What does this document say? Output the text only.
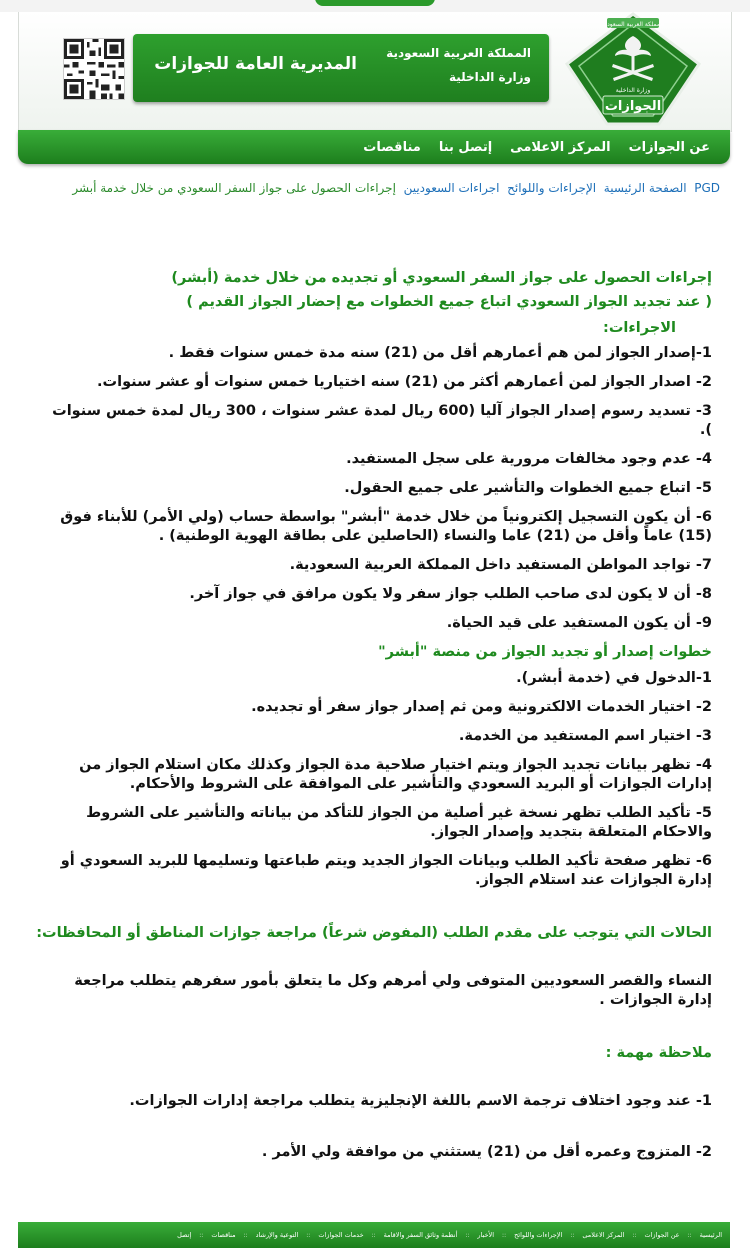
المديرية العامة للجوازات
المملكة العربية السعودية
وزارة الداخلية
المملكة العربية السعودية
وزارة الداخلية
الجوازات
عن الجوازات
المركز الاعلامى
إتصل بنا
مناقصات
PGD  الصفحة الرئيسية  الإجراءات واللوائح  اجراءات السعوديين  إجراءات الحصول على جواز السفر السعودي من خلال خدمة أبشر

إجراءات الحصول على جواز السفر السعودي أو تجديده من خلال خدمة (أبشر)

( عند تجديد الجواز السعودي اتباع جميع الخطوات مع إحضار الجواز القديم )

الاجراءات:

1-إصدار الجواز لمن هم أعمارهم أقل من (21) سنه مدة خمس سنوات فقط .

2- اصدار الجواز لمن أعمارهم أكثر من (21) سنه اختياريا خمس سنوات أو عشر سنوات.

3- تسديد رسوم إصدار الجواز آليا (600 ريال لمدة عشر سنوات ، 300 ريال لمدة خمس سنوات ).

4- عدم وجود مخالفات مرورية على سجل المستفيد.

5- اتباع جميع الخطوات والتأشير على جميع الحقول.

6- أن يكون التسجيل إلكترونياً من خلال خدمة "أبشر" بواسطة حساب (ولي الأمر) للأبناء فوق (15) عاماً وأقل من (21) عاما والنساء (الحاصلين على بطاقة الهوية الوطنية) .

7- تواجد المواطن المستفيد داخل المملكة العربية السعودية.

8- أن لا يكون لدى صاحب الطلب جواز سفر ولا يكون مرافق في جواز آخر.

9- أن يكون المستفيد على قيد الحياة.

خطوات إصدار أو تجديد الجواز من منصة "أبشر"

1-الدخول في (خدمة أبشر).

2- اختيار الخدمات الالكترونية ومن ثم إصدار جواز سفر أو تجديده.

3- اختيار اسم المستفيد من الخدمة.

4- تظهر بيانات تجديد الجواز ويتم اختيار صلاحية مدة الجواز وكذلك مكان استلام الجواز من إدارات الجوازات أو البريد السعودي والتأشير على الموافقة على الشروط والأحكام.

5- تأكيد الطلب تظهر نسخة غير أصلية من الجواز للتأكد من بياناته والتأشير على الشروط والاحكام المتعلقة بتجديد وإصدار الجواز.

6- تظهر صفحة تأكيد الطلب وبيانات الجواز الجديد ويتم طباعتها وتسليمها للبريد السعودي أو إدارة الجوازات عند استلام الجواز.

الحالات التي يتوجب على مقدم الطلب (المفوض شرعاً) مراجعة جوازات المناطق أو المحافظات:

النساء والقصر السعوديين المتوفى ولي أمرهم وكل ما يتعلق بأمور سفرهم يتطلب مراجعة إدارة الجوازات .

ملاحظة مهمة :

1- عند وجود اختلاف ترجمة الاسم باللغة الإنجليزية يتطلب مراجعة إدارات الجوازات.

2- المتزوج وعمره أقل من (21) يستثني من موافقة ولي الأمر .

الرئيسية
::
عن الجوازات
::
المركز الاعلامى
::
الإجراءات واللوائح
::
الأخبار
::
أنظمة وثائق السفر والاقامة
::
خدمات الجوازات
::
التوعية والإرشاد
::
مناقصات
::
إتصل
